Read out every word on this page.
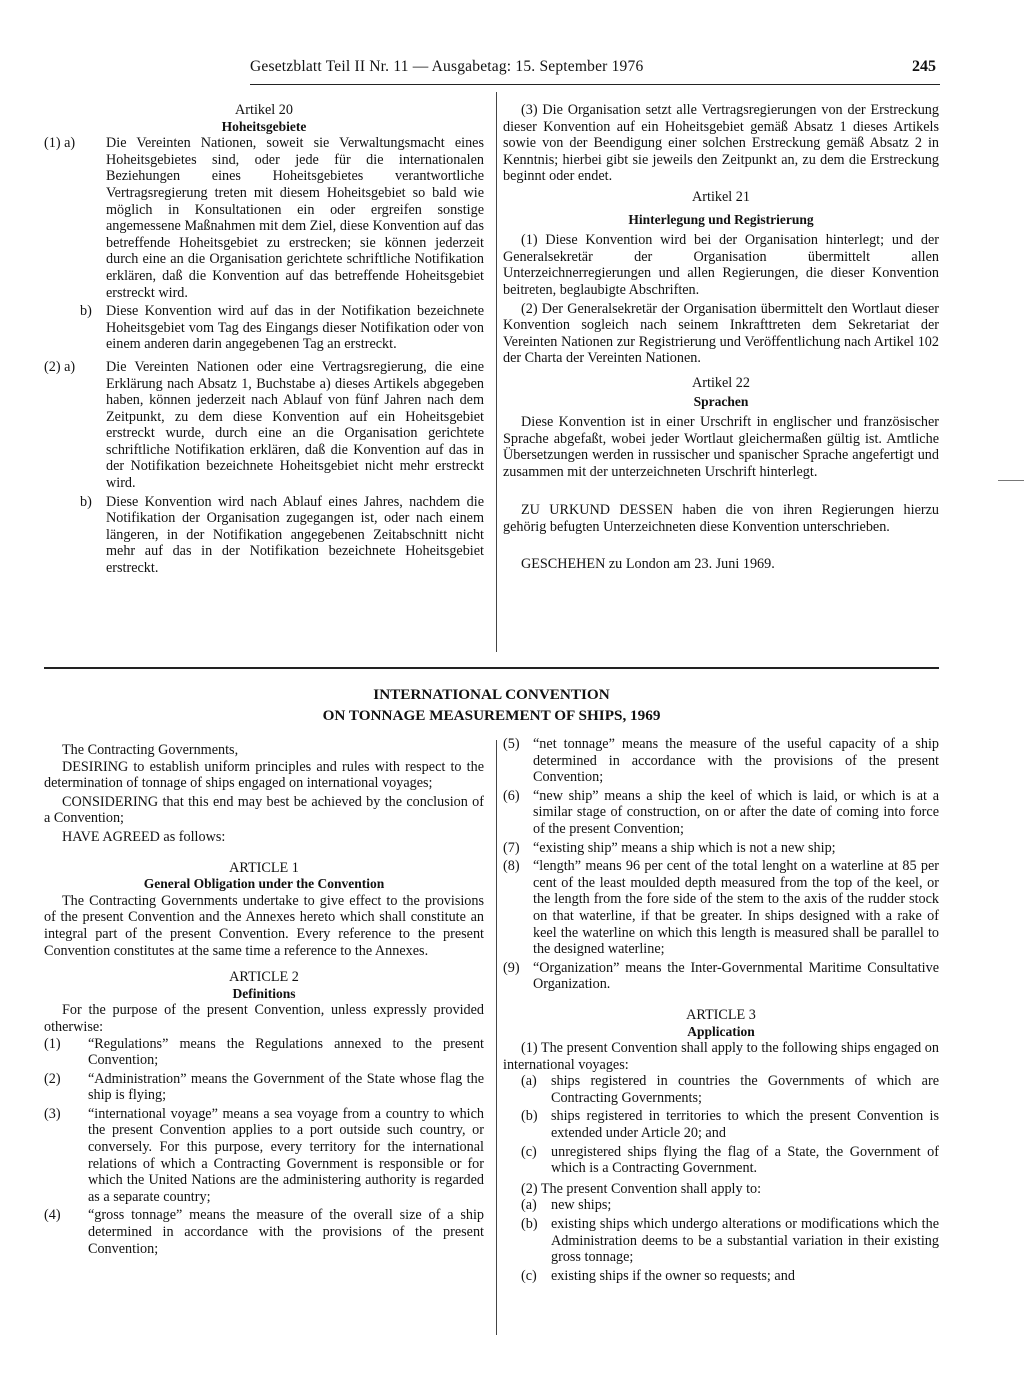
Gesetzblatt Teil II Nr. 11 — Ausgabetag: 15. September 1976	245

Artikel 20

Hoheitsgebiete

(1) a)	Die Vereinten Nationen, soweit sie Verwaltungsmacht eines Hoheitsgebietes sind, oder jede für die internationalen Beziehungen eines Hoheitsgebietes verantwortliche Vertragsregierung treten mit diesem Hoheitsgebiet so bald wie möglich in Konsultationen ein oder ergreifen sonstige angemessene Maßnahmen mit dem Ziel, diese Konvention auf das betreffende Hoheitsgebiet zu erstrecken; sie können jederzeit durch eine an die Organisation gerichtete schriftliche Notifikation erklären, daß die Konvention auf das betreffende Hoheitsgebiet erstreckt wird.
b) Diese Konvention wird auf das in der Notifikation bezeichnete Hoheitsgebiet vom Tag des Eingangs dieser Notifikation oder von einem anderen darin angegebenen Tag an erstreckt.
(2) a)	Die Vereinten Nationen oder eine Vertragsregierung, die eine Erklärung nach Absatz 1, Buchstabe a) dieses Artikels abgegeben haben, können jederzeit nach Ablauf von fünf Jahren nach dem Zeitpunkt, zu dem diese Konvention auf ein Hoheitsgebiet erstreckt wurde, durch eine an die Organisation gerichtete schriftliche Notifikation erklären, daß die Konvention auf das in der Notifikation bezeichnete Hoheitsgebiet nicht mehr erstreckt wird.
b) Diese Konvention wird nach Ablauf eines Jahres, nachdem die Notifikation der Organisation zugegangen ist, oder nach einem längeren, in der Notifikation angegebenen Zeitabschnitt nicht mehr auf das in der Notifikation bezeichnete Hoheitsgebiet erstreckt.

(3) Die Organisation setzt alle Vertragsregierungen von der Erstreckung dieser Konvention auf ein Hoheitsgebiet gemäß Absatz 1 dieses Artikels sowie von der Beendigung einer solchen Erstreckung gemäß Absatz 2 in Kenntnis; hierbei gibt sie jeweils den Zeitpunkt an, zu dem die Erstreckung beginnt oder endet.

Artikel 21

Hinterlegung und Registrierung

(1) Diese Konvention wird bei der Organisation hinterlegt; und der Generalsekretär der Organisation übermittelt allen Unterzeichnerregierungen und allen Regierungen, die dieser Konvention beitreten, beglaubigte Abschriften.

(2) Der Generalsekretär der Organisation übermittelt den Wortlaut dieser Konvention sogleich nach seinem Inkrafttreten dem Sekretariat der Vereinten Nationen zur Registrierung und Veröffentlichung nach Artikel 102 der Charta der Vereinten Nationen.

Artikel 22

Sprachen

Diese Konvention ist in einer Urschrift in englischer und französischer Sprache abgefaßt, wobei jeder Wortlaut gleichermaßen gültig ist. Amtliche Übersetzungen werden in russischer und spanischer Sprache angefertigt und zusammen mit der unterzeichneten Urschrift hinterlegt.

ZU URKUND DESSEN haben die von ihren Regierungen hierzu gehörig befugten Unterzeichneten diese Konvention unterschrieben.

GESCHEHEN zu London am 23. Juni 1969.

INTERNATIONAL CONVENTION
ON TONNAGE MEASUREMENT OF SHIPS, 1969

The Contracting Governments,

DESIRING to establish uniform principles and rules with respect to the determination of tonnage of ships engaged on international voyages;

CONSIDERING that this end may best be achieved by the conclusion of a Convention;

HAVE AGREED as follows:

ARTICLE 1

General Obligation under the Convention

The Contracting Governments undertake to give effect to the provisions of the present Convention and the Annexes hereto which shall constitute an integral part of the present Convention. Every reference to the present Convention constitutes at the same time a reference to the Annexes.

ARTICLE 2

Definitions

For the purpose of the present Convention, unless expressly provided otherwise:

(1)	“Regulations” means the Regulations annexed to the present Convention;
(2)	“Administration” means the Government of the State whose flag the ship is flying;
(3)	“international voyage” means a sea voyage from a country to which the present Convention applies to a port outside such country, or conversely. For this purpose, every territory for the international relations of which a Contracting Government is responsible or for which the United Nations are the administering authority is regarded as a separate country;
(4)	“gross tonnage” means the measure of the overall size of a ship determined in accordance with the provisions of the present Convention;
(5) “net tonnage” means the measure of the useful capacity of a ship determined in accordance with the provisions of the present Convention;
(6) “new ship” means a ship the keel of which is laid, or which is at a similar stage of construction, on or after the date of coming into force of the present Convention;
(7) “existing ship” means a ship which is not a new ship;
(8) “length” means 96 per cent of the total lenght on a waterline at 85 per cent of the least moulded depth measured from the top of the keel, or the length from the fore side of the stem to the axis of the rudder stock on that waterline, if that be greater. In ships designed with a rake of keel the waterline on which this length is measured shall be parallel to the designed waterline;
(9) “Organization” means the Inter-Governmental Maritime Consultative Organization.

ARTICLE 3

Application

(1) The present Convention shall apply to the following ships engaged on international voyages:

(a)	ships registered in countries the Governments of which are Contracting Governments;
(b) ships registered in territories to which the present Convention is extended under Article 20; and
(c)	unregistered ships flying the flag of a State, the Government of which is a Contracting Government.

(2) The present Convention shall apply to:

(a)	new ships;
(b) existing ships which undergo alterations or modifications which the Administration deems to be a substantial variation in their existing gross tonnage;
(c)	existing ships if the owner so requests; and
